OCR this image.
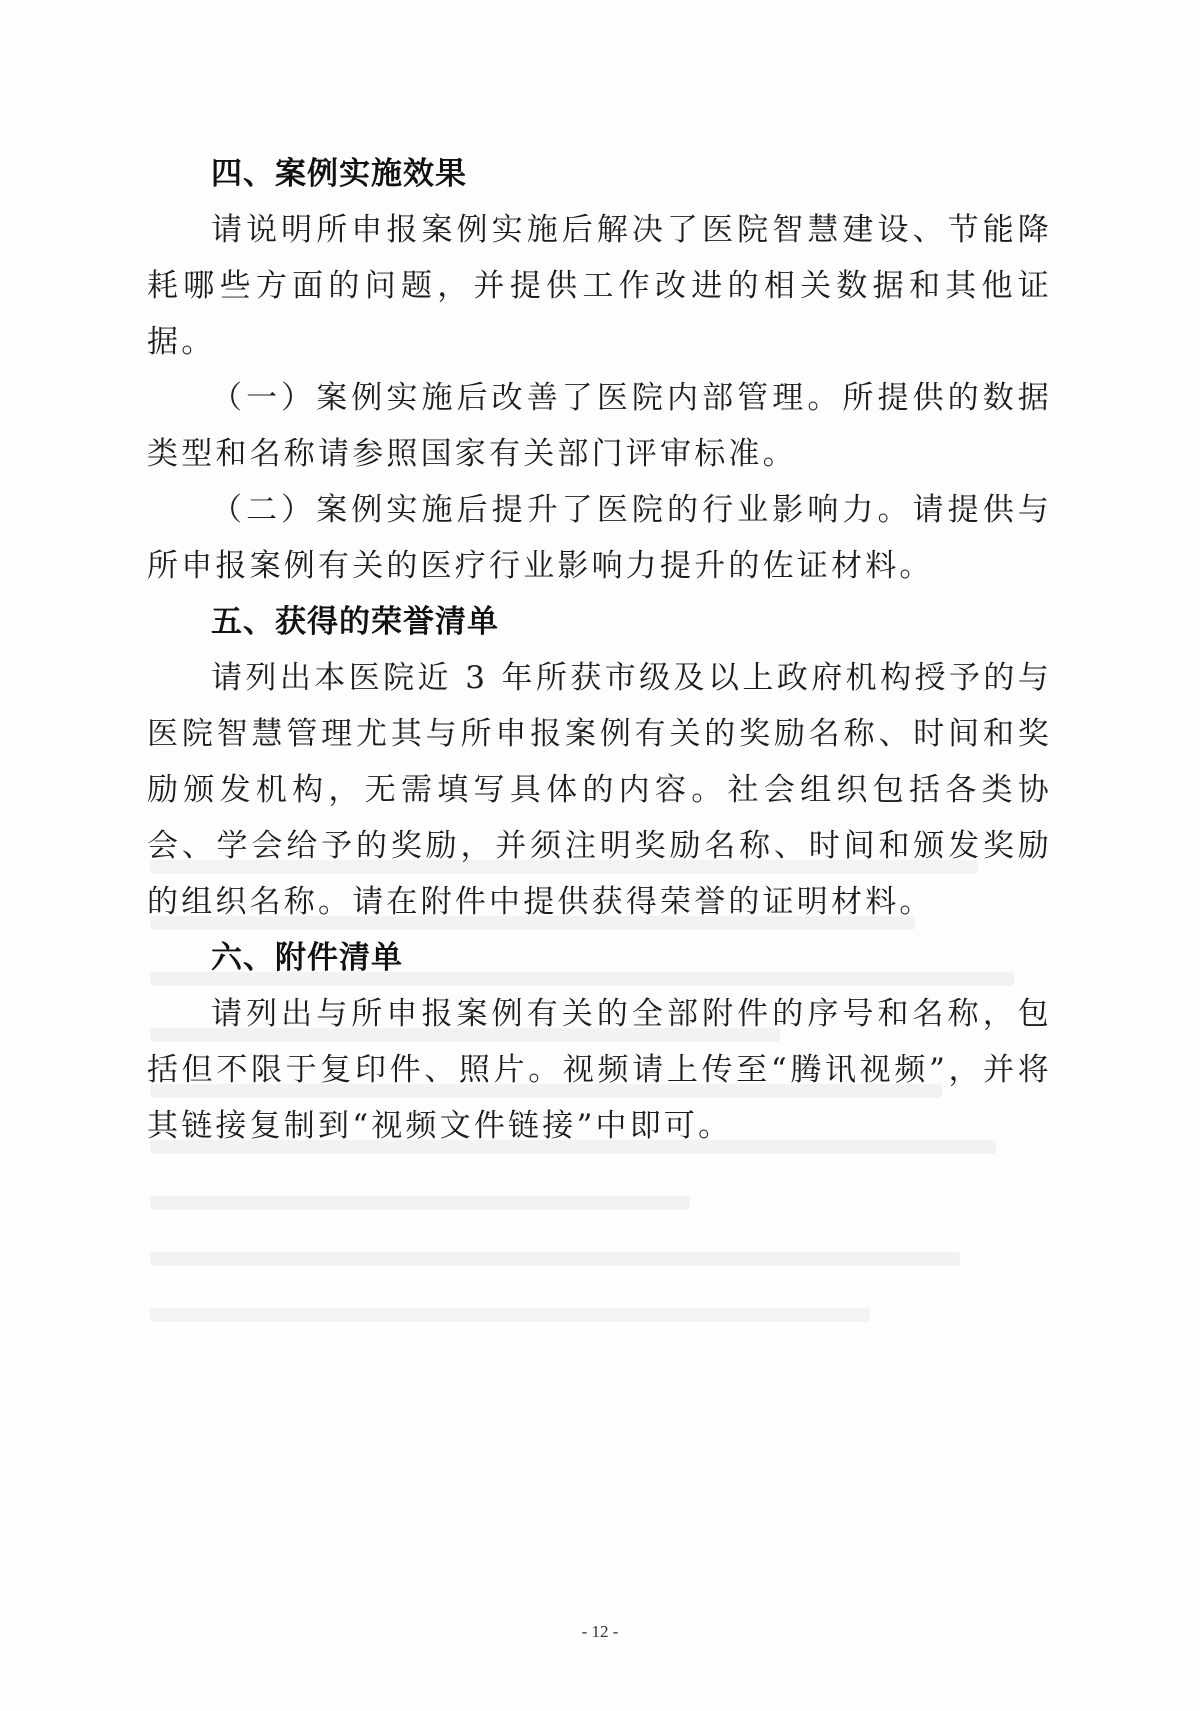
四、案例实施效果

请说明所申报案例实施后解决了医院智慧建设、节能降耗哪些方面的问题，并提供工作改进的相关数据和其他证据。

（一）案例实施后改善了医院内部管理。所提供的数据类型和名称请参照国家有关部门评审标准。

（二）案例实施后提升了医院的行业影响力。请提供与所申报案例有关的医疗行业影响力提升的佐证材料。

五、获得的荣誉清单

请列出本医院近 3 年所获市级及以上政府机构授予的与医院智慧管理尤其与所申报案例有关的奖励名称、时间和奖励颁发机构，无需填写具体的内容。社会组织包括各类协会、学会给予的奖励，并须注明奖励名称、时间和颁发奖励的组织名称。请在附件中提供获得荣誉的证明材料。

六、附件清单

请列出与所申报案例有关的全部附件的序号和名称，包括但不限于复印件、照片。视频请上传至“腾讯视频”，并将其链接复制到“视频文件链接”中即可。

- 12 -
